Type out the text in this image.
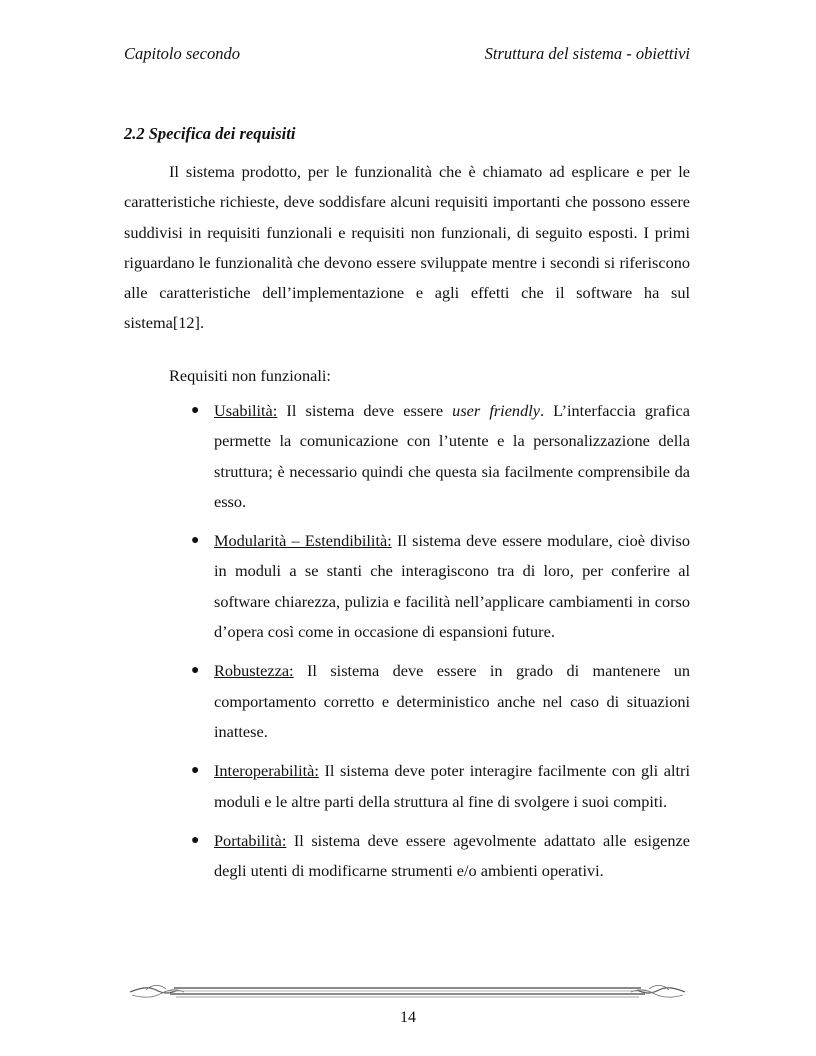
Capitolo secondo	Struttura del sistema - obiettivi
2.2 Specifica dei requisiti

Il sistema prodotto, per le funzionalità che è chiamato ad esplicare e per le caratteristiche richieste, deve soddisfare alcuni requisiti importanti che possono essere suddivisi in requisiti funzionali e requisiti non funzionali, di seguito esposti. I primi riguardano le funzionalità che devono essere sviluppate mentre i secondi si riferiscono alle caratteristiche dell’implementazione e agli effetti che il software ha sul sistema[12].

Requisiti non funzionali:
● Usabilità: Il sistema deve essere user friendly. L’interfaccia grafica permette la comunicazione con l’utente e la personalizzazione della struttura; è necessario quindi che questa sia facilmente comprensibile da esso.
● Modularità – Estendibilità: Il sistema deve essere modulare, cioè diviso in moduli a se stanti che interagiscono tra di loro, per conferire al software chiarezza, pulizia e facilità nell’applicare cambiamenti in corso d’opera così come in occasione di espansioni future.
● Robustezza: Il sistema deve essere in grado di mantenere un comportamento corretto e deterministico anche nel caso di situazioni inattese.
● Interoperabilità: Il sistema deve poter interagire facilmente con gli altri moduli e le altre parti della struttura al fine di svolgere i suoi compiti.
● Portabilità: Il sistema deve essere agevolmente adattato alle esigenze degli utenti di modificarne strumenti e/o ambienti operativi.
14
